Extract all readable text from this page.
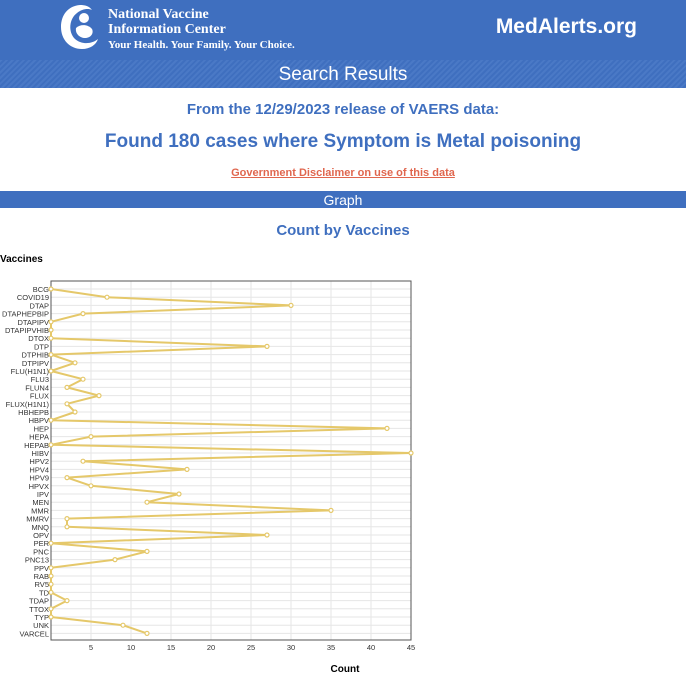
National Vaccine
Information Center
Your Health. Your Family. Your Choice.
MedAlerts.org
Search Results
From the 12/29/2023 release of VAERS data:
Found 180 cases where Symptom is Metal poisoning
Government Disclaimer on use of this data
Graph
Count by Vaccines
Vaccines
BCG
COVID19
DTAP
DTAPHEPBIP
DTAPIPV
DTAPIPVHIB
DTOX
DTP
DTPHIB
DTPIPV
FLU(H1N1)
FLU3
FLUN4
FLUX
FLUX(H1N1)
HBHEPB
HBPV
HEP
HEPA
HEPAB
HIBV
HPV2
HPV4
HPV9
HPVX
IPV
MEN
MMR
MMRV
MNQ
OPV
PER
PNC
PNC13
PPV
RAB
RV5
TD
TDAP
TTOX
TYP
UNK
VARCEL
5	10	15	20	25	30	35	40	45
Count
